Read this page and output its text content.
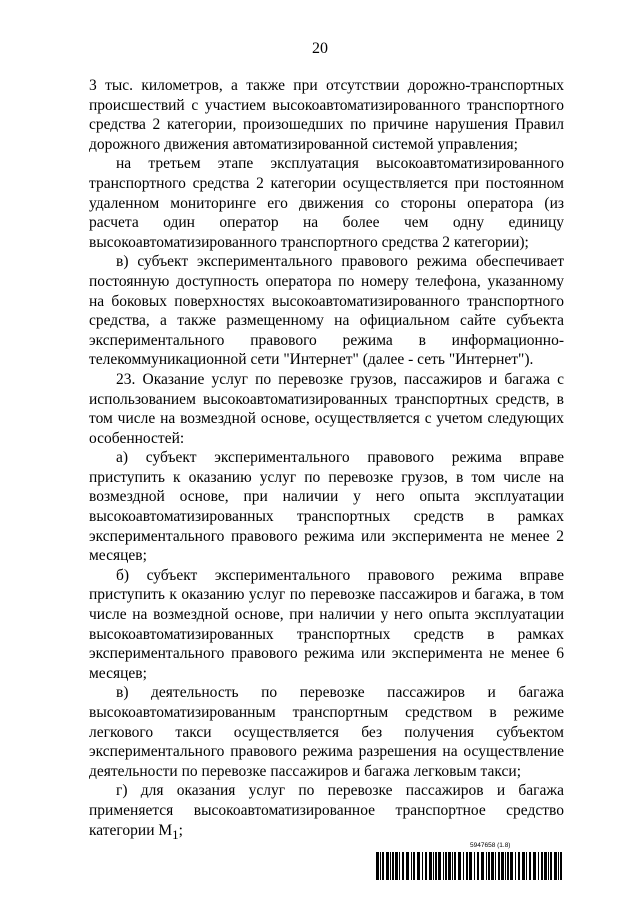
20

3 тыс. километров, а также при отсутствии дорожно-транспортных происшествий с участием высокоавтоматизированного транспортного средства 2 категории, произошедших по причине нарушения Правил дорожного движения автоматизированной системой управления;

на третьем этапе эксплуатация высокоавтоматизированного транспортного средства 2 категории осуществляется при постоянном удаленном мониторинге его движения со стороны оператора (из расчета один оператор на более чем одну единицу высокоавтоматизированного транспортного средства 2 категории);

в) субъект экспериментального правового режима обеспечивает постоянную доступность оператора по номеру телефона, указанному на боковых поверхностях высокоавтоматизированного транспортного средства, а также размещенному на официальном сайте субъекта экспериментального правового режима в информационно-телекоммуникационной сети "Интернет" (далее - сеть "Интернет").

23. Оказание услуг по перевозке грузов, пассажиров и багажа с использованием высокоавтоматизированных транспортных средств, в том числе на возмездной основе, осуществляется с учетом следующих особенностей:

а) субъект экспериментального правового режима вправе приступить к оказанию услуг по перевозке грузов, в том числе на возмездной основе, при наличии у него опыта эксплуатации высокоавтоматизированных транспортных средств в рамках экспериментального правового режима или эксперимента не менее 2 месяцев;

б) субъект экспериментального правового режима вправе приступить к оказанию услуг по перевозке пассажиров и багажа, в том числе на возмездной основе, при наличии у него опыта эксплуатации высокоавтоматизированных транспортных средств в рамках экспериментального правового режима или эксперимента не менее 6 месяцев;

в) деятельность по перевозке пассажиров и багажа высокоавтоматизированным транспортным средством в режиме легкового такси осуществляется без получения субъектом экспериментального правового режима разрешения на осуществление деятельности по перевозке пассажиров и багажа легковым такси;

г) для оказания услуг по перевозке пассажиров и багажа применяется высокоавтоматизированное транспортное средство категории $M_1$;

5947658 (1.8)
